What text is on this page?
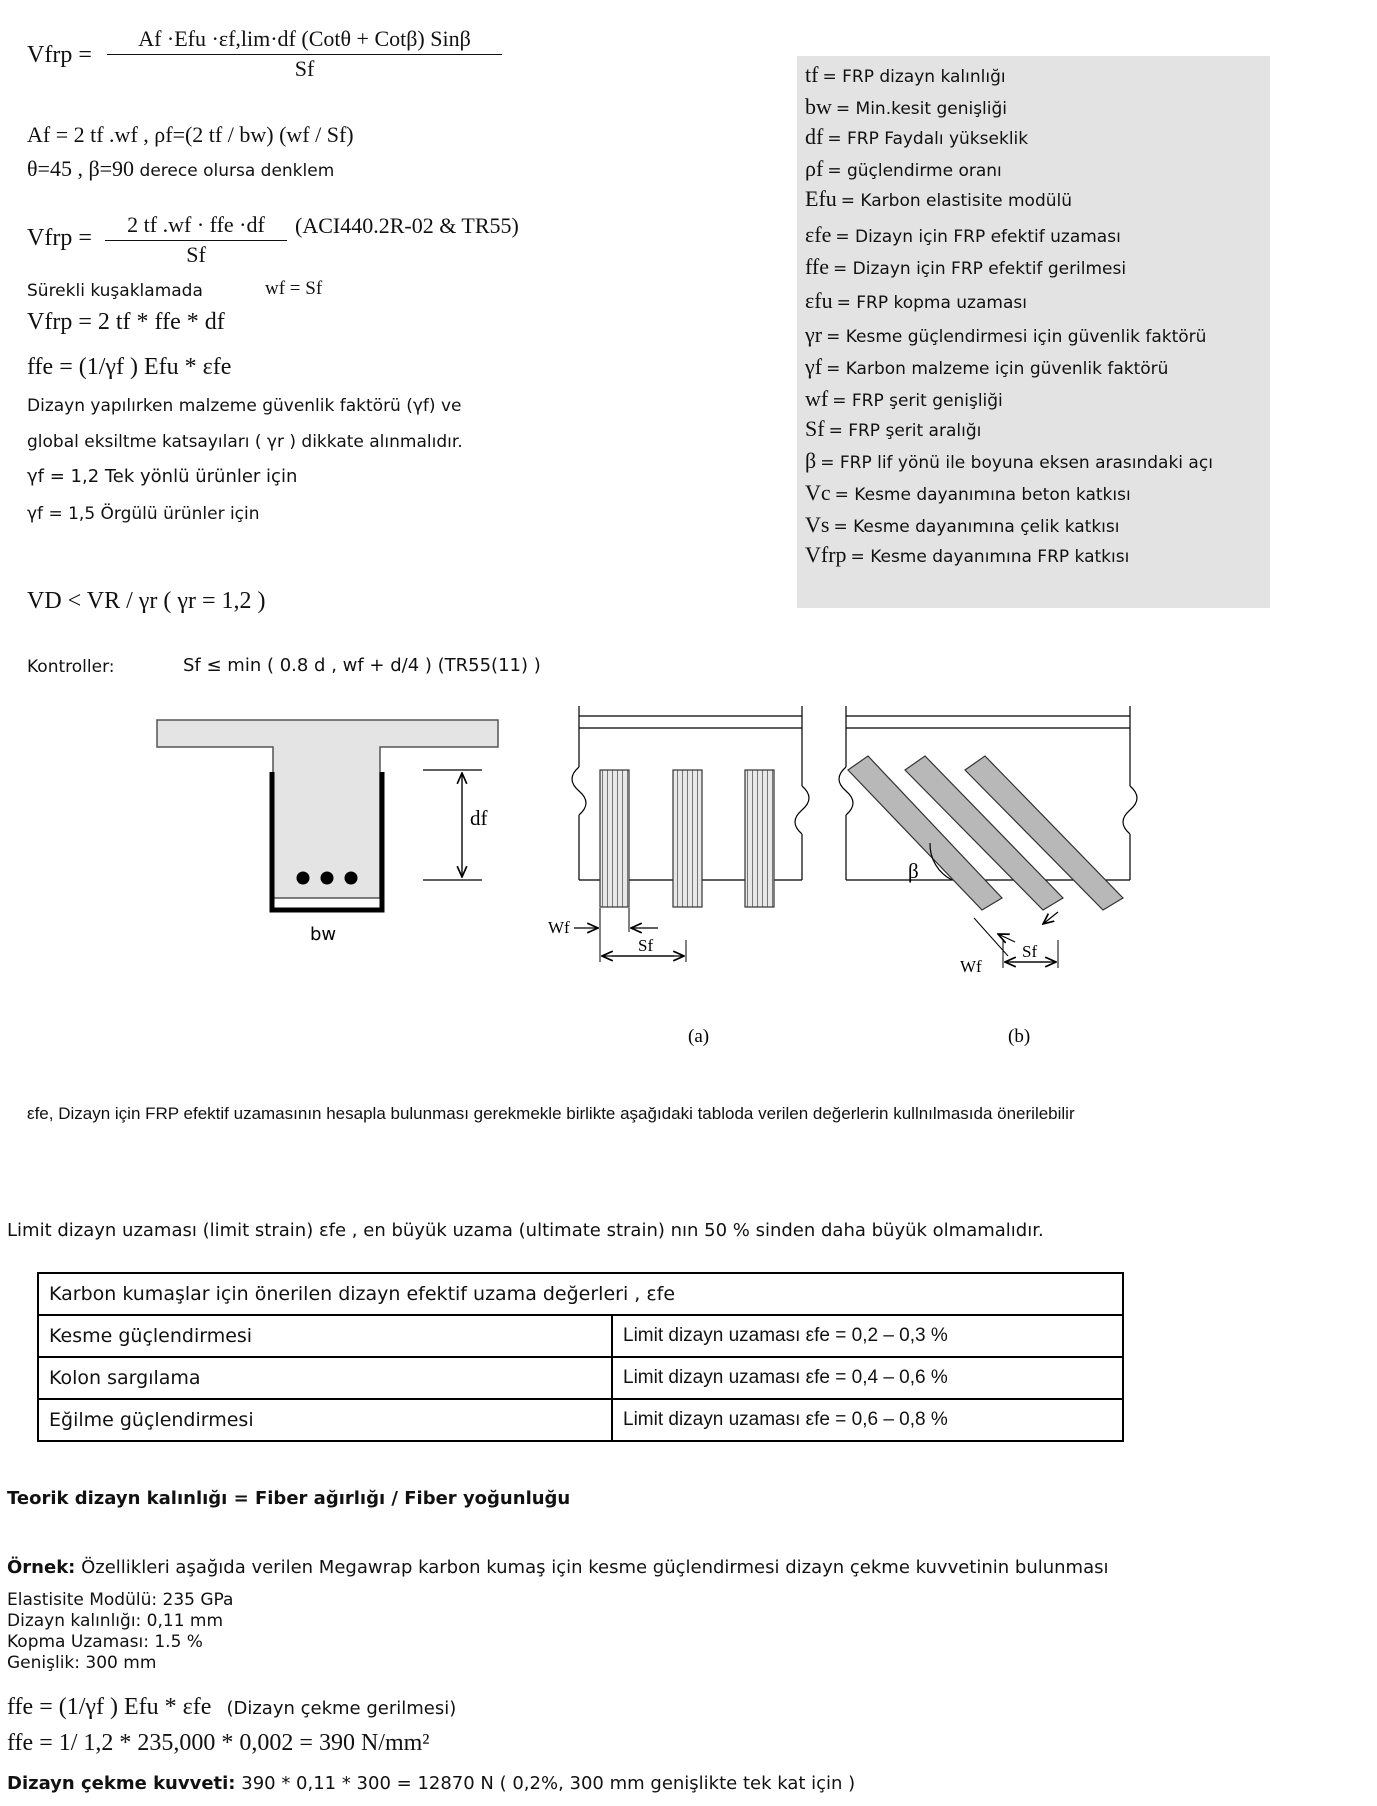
Vfrp =
Af ·Efu ·εf,lim·df (Cotθ + Cotβ) Sinβ
Sf
Af = 2 tf .wf , ρf=(2 tf / bw) (wf / Sf)
θ=45 , β=90 derece olursa denklem
Vfrp =
2 tf .wf · ffe ·df
Sf
(ACI440.2R-02 & TR55)
Sürekli kuşaklamada	wf = Sf
Vfrp = 2 tf * ffe * df
ffe = (1/γf ) Efu * εfe
Dizayn yapılırken malzeme güvenlik faktörü (γf) ve
global eksiltme katsayıları ( γr ) dikkate alınmalıdır.
γf = 1,2 Tek yönlü ürünler için
γf = 1,5 Örgülü ürünler için
VD < VR / γr ( γr = 1,2 )
Kontroller:	Sf ≤ min ( 0.8 d , wf + d/4 ) (TR55(11) )
tf = FRP dizayn kalınlığı
bw = Min.kesit genişliği
df = FRP Faydalı yükseklik
ρf = güçlendirme oranı
Efu = Karbon elastisite modülü
εfe = Dizayn için FRP efektif uzaması
ffe = Dizayn için FRP efektif gerilmesi
εfu = FRP kopma uzaması
γr = Kesme güçlendirmesi için güvenlik faktörü
γf = Karbon malzeme için güvenlik faktörü
wf = FRP şerit genişliği
Sf = FRP şerit aralığı
β = FRP lif yönü ile boyuna eksen arasındaki açı
Vc = Kesme dayanımına beton katkısı
Vs = Kesme dayanımına çelik katkısı
Vfrp = Kesme dayanımına FRP katkısı
df
bw	Wf
Sf
(a)
β
Wf
Sf
(b)
εfe, Dizayn için FRP efektif uzamasının hesapla bulunması gerekmekle birlikte aşağıdaki tabloda verilen değerlerin kullnılmasıda önerilebilir
Limit dizayn uzaması (limit strain) εfe , en büyük uzama (ultimate strain) nın 50 % sinden daha büyük olmamalıdır.
Karbon kumaşlar için önerilen dizayn efektif uzama değerleri , εfe	
Kesme güçlendirmesi	Limit dizayn uzaması εfe = 0,2 – 0,3 %
Kolon sargılama	Limit dizayn uzaması εfe = 0,4 – 0,6 %
Eğilme güçlendirmesi	Limit dizayn uzaması εfe = 0,6 – 0,8 %
Teorik dizayn kalınlığı = Fiber ağırlığı / Fiber yoğunluğu
Örnek: Özellikleri aşağıda verilen Megawrap karbon kumaş için kesme güçlendirmesi dizayn çekme kuvvetinin bulunması
Elastisite Modülü: 235 GPa
Dizayn kalınlığı: 0,11 mm
Kopma Uzaması: 1.5 %
Genişlik: 300 mm
ffe = (1/γf ) Efu * εfe (Dizayn çekme gerilmesi)
ffe = 1/ 1,2 * 235,000 * 0,002 = 390 N/mm²
Dizayn çekme kuvveti: 390 * 0,11 * 300 = 12870 N ( 0,2%, 300 mm genişlikte tek kat için )
